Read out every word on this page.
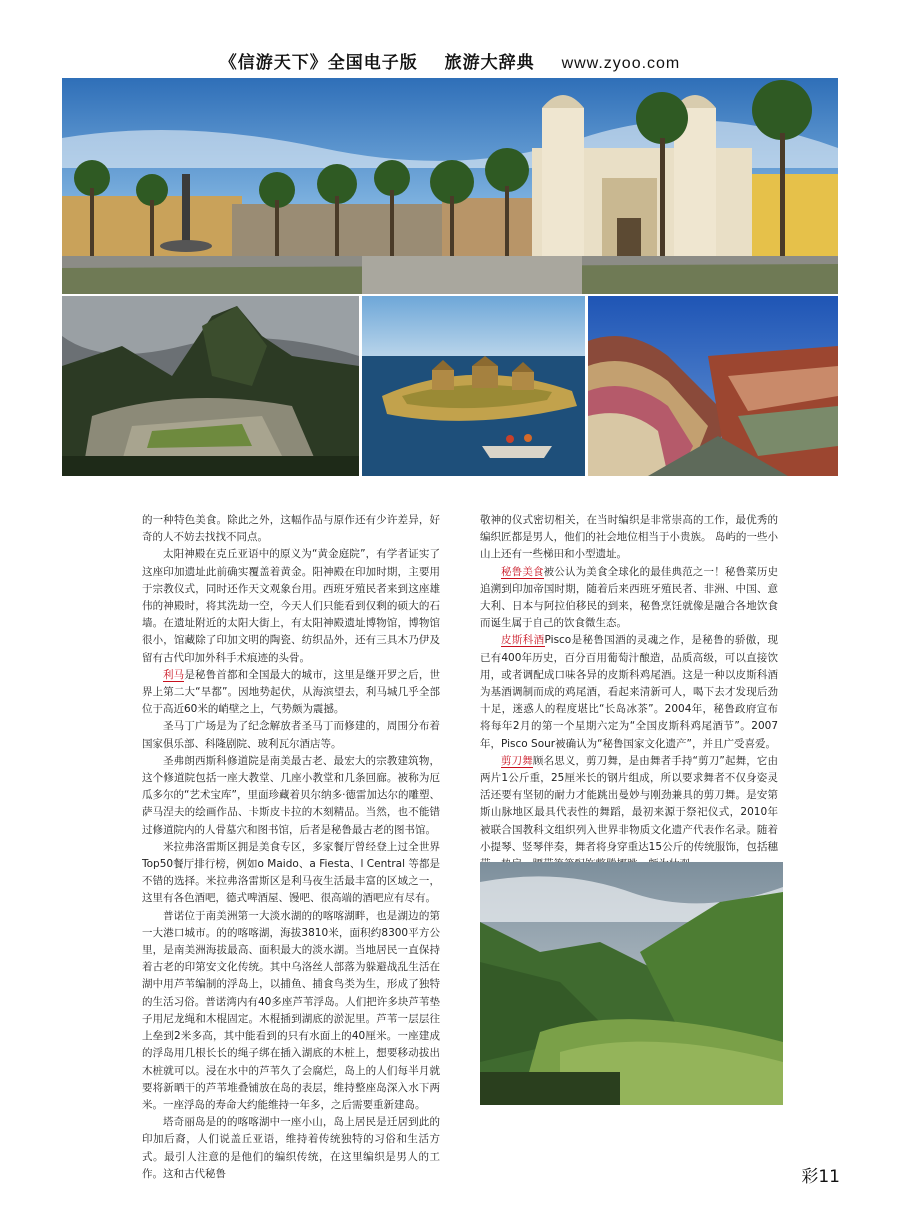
《信游天下》全国电子版 旅游大辞典 www.zyoo.com

的一种特色美食。除此之外，这幅作品与原作还有少许差异，好奇的人不妨去找找不同点。

太阳神殿在克丘亚语中的原义为“黄金庭院”，有学者证实了这座印加遗址此前确实覆盖着黄金。阳神殿在印加时期，主要用于宗教仪式，同时还作天文观象台用。西班牙殖民者来到这座雄伟的神殿时，将其洗劫一空，今天人们只能看到仅剩的硕大的石墙。在遗址附近的太阳大街上，有太阳神殿遗址博物馆，博物馆很小，馆藏除了印加文明的陶瓷、纺织品外，还有三具木乃伊及留有古代印加外科手术痕迹的头骨。

利马是秘鲁首都和全国最大的城市，这里是继开罗之后，世界上第二大“旱都”。因地势起伏，从海滨望去，利马城几乎全部位于高近60米的峭壁之上，气势颇为震撼。

圣马丁广场是为了纪念解放者圣马丁而修建的，周围分布着国家俱乐部、科隆剧院、玻利瓦尔酒店等。

圣弗朗西斯科修道院是南美最古老、最宏大的宗教建筑物，这个修道院包括一座大教堂、几座小教堂和几条回廊。被称为厄瓜多尔的“艺术宝库”，里面珍藏着贝尔纳多·德雷加达尔的雕塑、萨马涅夫的绘画作品、卡斯皮卡拉的木刻精品。当然，也不能错过修道院内的人骨墓穴和图书馆，后者是秘鲁最古老的图书馆。

米拉弗洛雷斯区拥是美食专区，多家餐厅曾经登上过全世界Top50餐厅排行榜，例如o Maido、a Fiesta、l Central 等都是不错的选择。米拉弗洛雷斯区是利马夜生活最丰富的区域之一，这里有各色酒吧，德式啤酒屋、馒吧、很高端的酒吧应有尽有。

普诺位于南美洲第一大淡水湖的的喀喀湖畔，也是湖边的第一大港口城市。的的喀喀湖，海拔3810米，面积约8300平方公里，是南美洲海拔最高、面积最大的淡水湖。当地居民一直保持着古老的印第安文化传统。其中乌洛丝人部落为躲避战乱生活在湖中用芦苇编制的浮岛上，以捕鱼、捕食鸟类为生，形成了独特的生活习俗。普诺湾内有40多座芦苇浮岛。人们把许多块芦苇垫子用尼龙绳和木棍固定。木棍插到湖底的淤泥里。芦苇一层层往上垒到2米多高，其中能看到的只有水面上的40厘米。一座建成的浮岛用几根长长的绳子绑在插入湖底的木桩上，想要移动拔出木桩就可以。浸在水中的芦苇久了会腐烂，岛上的人们每半月就要将新晒干的芦苇堆叠铺放在岛的表层，维持整座岛深入水下两米。一座浮岛的寿命大约能维持一年多，之后需要重新建岛。

塔奇丽岛是的的喀喀湖中一座小山，岛上居民是迁居到此的印加后裔，人们说盖丘亚语，维持着传统独特的习俗和生活方式。最引人注意的是他们的编织传统，在这里编织是男人的工作。这和古代秘鲁

敬神的仪式密切相关，在当时编织是非常崇高的工作，最优秀的编织匠都是男人，他们的社会地位相当于小贵族。 岛屿的一些小山上还有一些梯田和小型遗址。

秘鲁美食被公认为美食全球化的最佳典范之一！秘鲁菜历史追溯到印加帝国时期，随着后来西班牙殖民者、非洲、中国、意大利、日本与阿拉伯移民的到来，秘鲁烹饪就像是融合各地饮食而诞生属于自己的饮食微生态。

皮斯科酒Pisco是秘鲁国酒的灵魂之作，是秘鲁的骄傲，现已有400年历史，百分百用葡萄汁酿造，品质高级，可以直接饮用，或者调配成口味各异的皮斯科鸡尾酒。这是一种以皮斯科酒为基酒调制而成的鸡尾酒，看起来清新可人，喝下去才发现后劲十足，迷惑人的程度堪比“长岛冰茶”。2004年，秘鲁政府宣布将每年2月的第一个星期六定为“全国皮斯科鸡尾酒节”。2007年，Pisco Sour被确认为“秘鲁国家文化遗产”，并且广受喜爱。

剪刀舞顾名思义，剪刀舞，是由舞者手持“剪刀”起舞，它由两片1公斤重，25厘米长的钢片组成，所以要求舞者不仅身姿灵活还要有坚韧的耐力才能跳出曼妙与刚劲兼具的剪刀舞。是安第斯山脉地区最具代表性的舞蹈，最初来源于祭祀仪式，2010年被联合国教科文组织列入世界非物质文化遗产代表作名录。随着小提琴、竖琴伴奏，舞者将身穿重达15公斤的传统服饰，包括穗

彩11
